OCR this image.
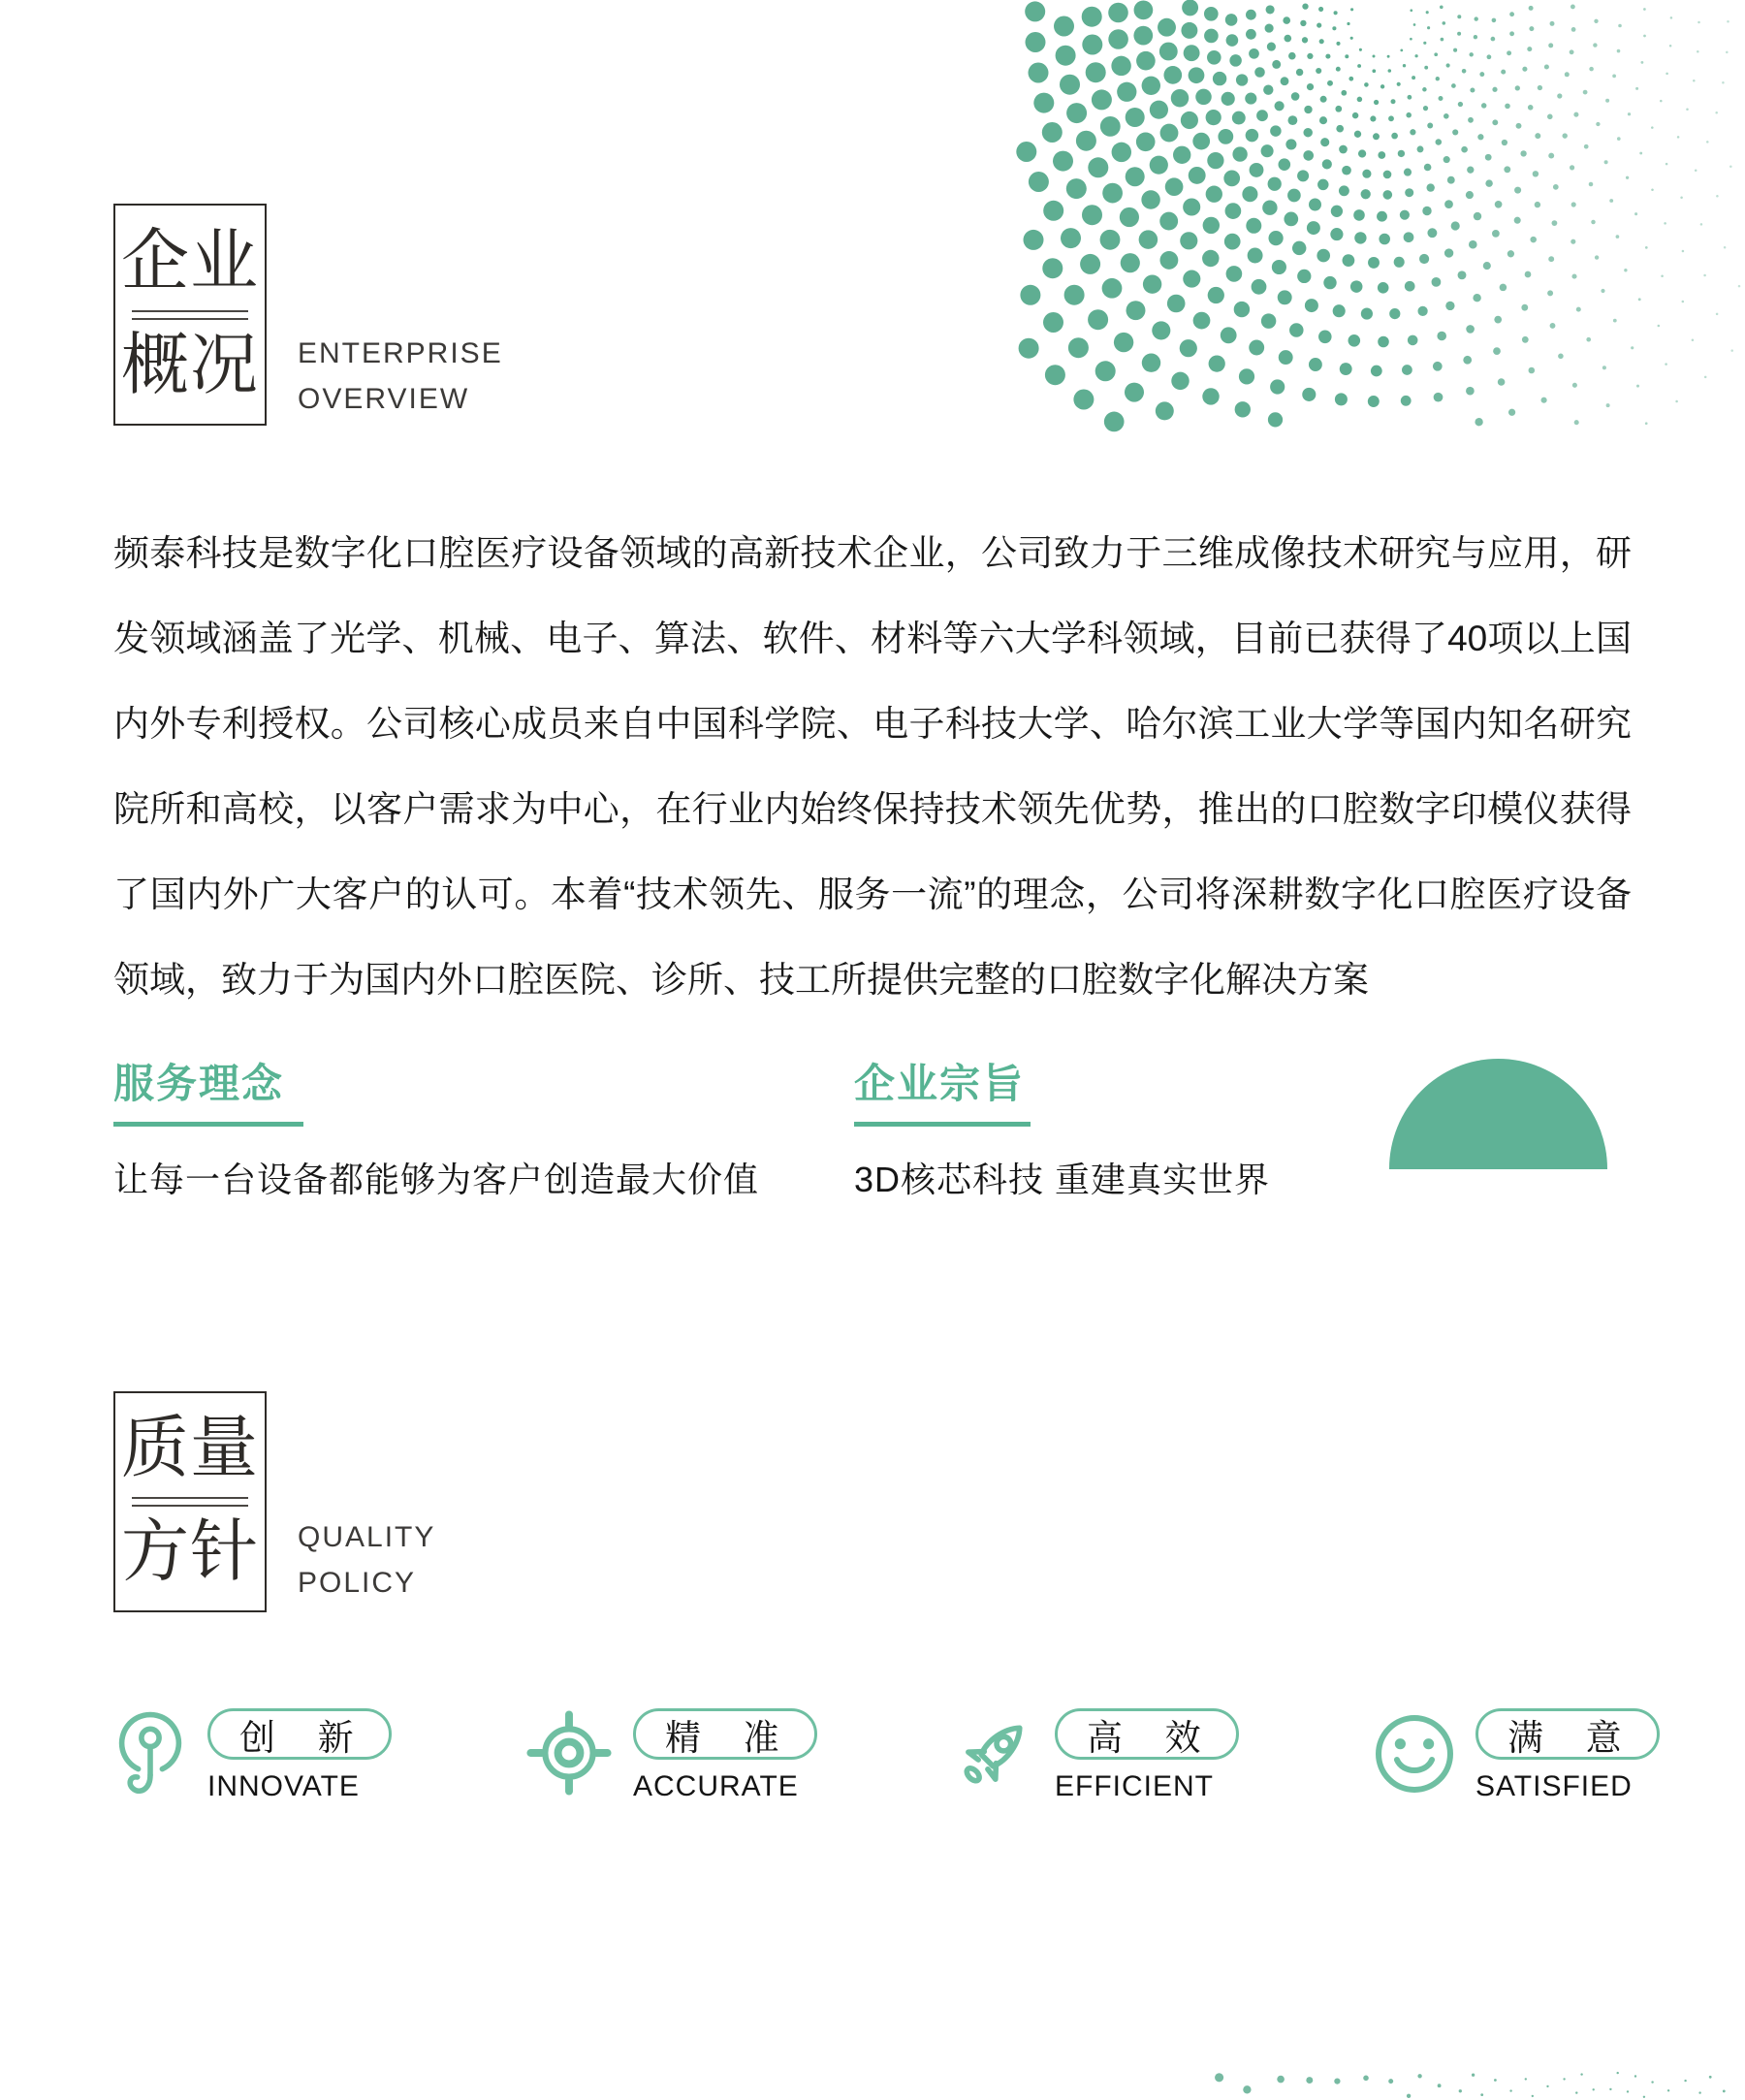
企业
概况 ENTERPRISE
OVERVIEW
频泰科技是数字化口腔医疗设备领域的高新技术企业，公司致力于三维成像技术研究与应用，研发领域涵盖了光学、机械、电子、算法、软件、材料等六大学科领域，目前已获得了40项以上国内外专利授权。公司核心成员来自中国科学院、电子科技大学、哈尔滨工业大学等国内知名研究院所和高校，以客户需求为中心，在行业内始终保持技术领先优势，推出的口腔数字印模仪获得了国内外广大客户的认可。本着“技术领先、服务一流”的理念，公司将深耕数字化口腔医疗设备领域，致力于为国内外口腔医院、诊所、技工所提供完整的口腔数字化解决方案
服务理念
让每一台设备都能够为客户创造最大价值
企业宗旨
3D核芯科技 重建真实世界
质量
方针 QUALITY
POLICY
创 新
INNOVATE
精 准
ACCURATE
高 效
EFFICIENT
满 意
SATISFIED
